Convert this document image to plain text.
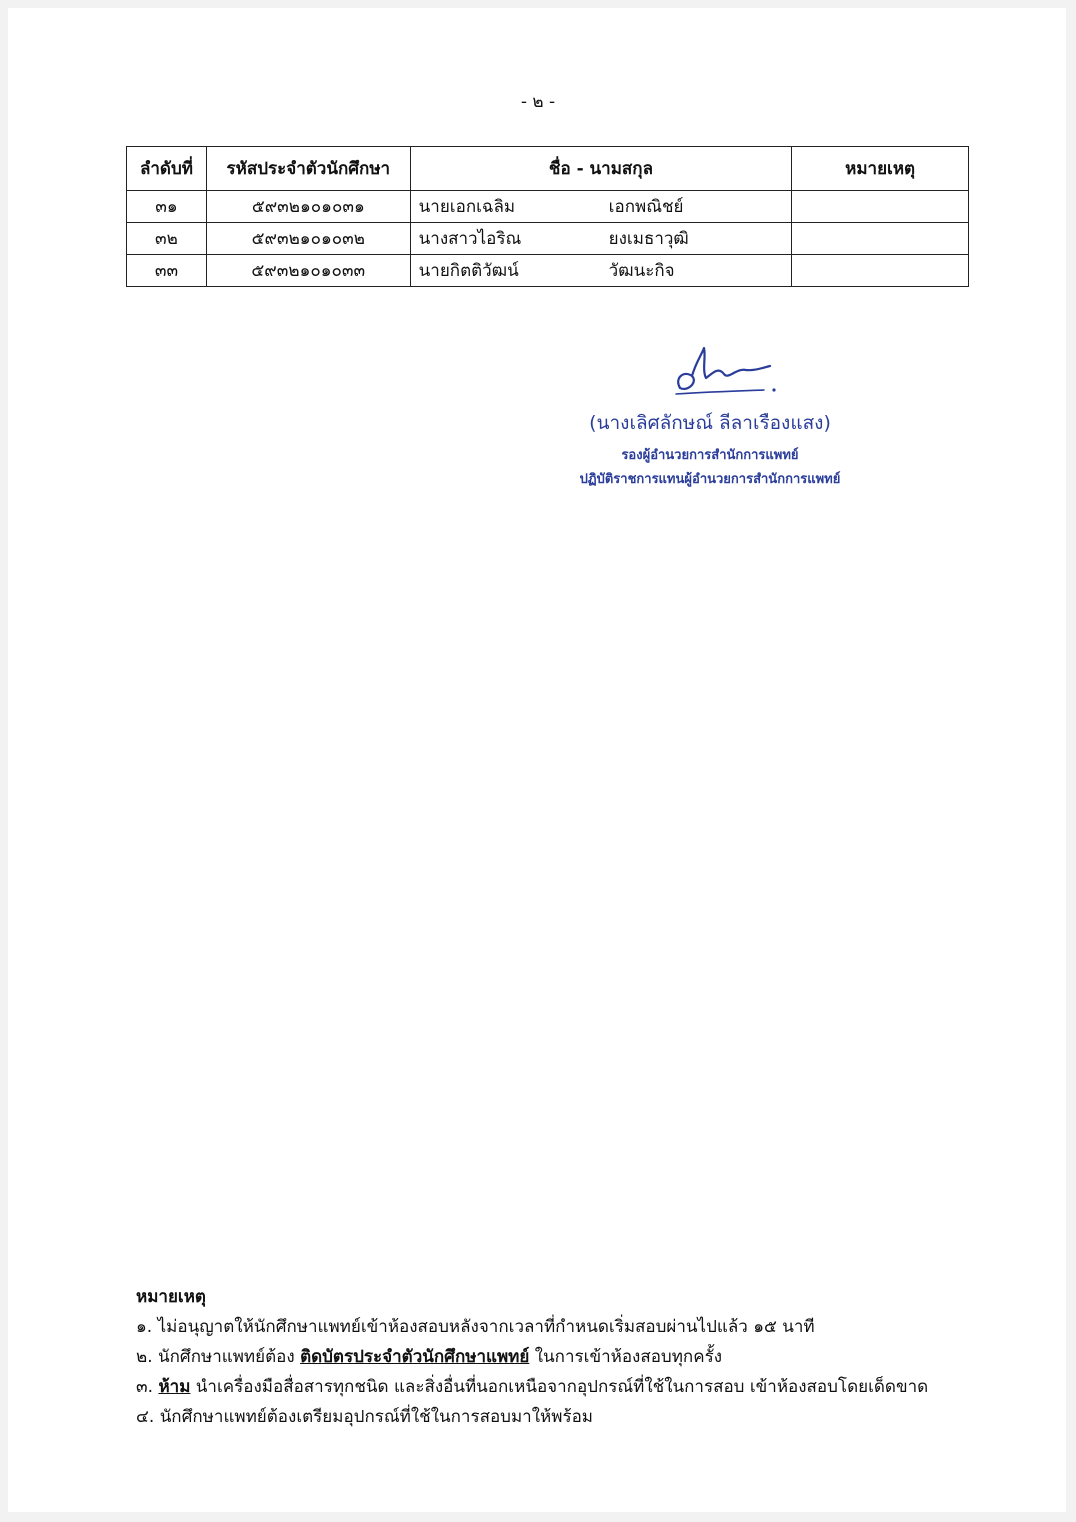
- ๒ -
ลำดับที่	รหัสประจำตัวนักศึกษา	ชื่อ - นามสกุล	หมายเหตุ
๓๑	๕๙๓๒๑๐๑๐๓๑	นายเอกเฉลิม เอกพณิชย์	

๓๒	๕๙๓๒๑๐๑๐๓๒	นางสาวไอริณ ยงเมธาวุฒิ	

๓๓	๕๙๓๒๑๐๑๐๓๓	นายกิตติวัฒน์ วัฒนะกิจ	

(นางเลิศลักษณ์ ลีลาเรืองแสง)
รองผู้อำนวยการสำนักการแพทย์
ปฏิบัติราชการแทนผู้อำนวยการสำนักการแพทย์
หมายเหตุ
๑. ไม่อนุญาตให้นักศึกษาแพทย์เข้าห้องสอบหลังจากเวลาที่กำหนดเริ่มสอบผ่านไปแล้ว ๑๕ นาที
๒. นักศึกษาแพทย์ต้อง ติดบัตรประจำตัวนักศึกษาแพทย์ ในการเข้าห้องสอบทุกครั้ง
๓. ห้าม นำเครื่องมือสื่อสารทุกชนิด และสิ่งอื่นที่นอกเหนือจากอุปกรณ์ที่ใช้ในการสอบ เข้าห้องสอบโดยเด็ดขาด
๔. นักศึกษาแพทย์ต้องเตรียมอุปกรณ์ที่ใช้ในการสอบมาให้พร้อม
